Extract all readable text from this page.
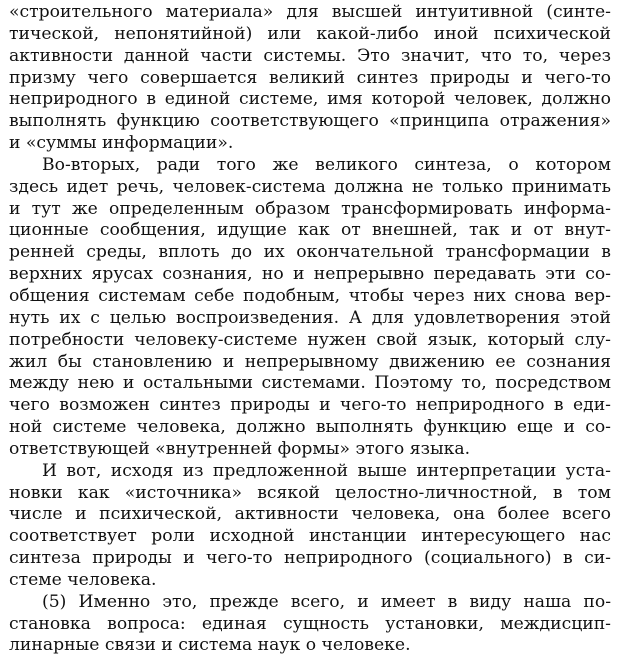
«строительного материала» для высшей интуитивной (синте-
тической, непонятийной) или какой-либо иной психической
активности данной части системы. Это значит, что то, через
призму чего совершается великий синтез природы и чего-то
неприродного в единой системе, имя которой человек, должно
выполнять функцию соответствующего «принципа отражения»
и «суммы информации».
Во-вторых, ради того же великого синтеза, о котором
здесь идет речь, человек-система должна не только принимать
и тут же определенным образом трансформировать информа-
ционные сообщения, идущие как от внешней, так и от внут-
ренней среды, вплоть до их окончательной трансформации в
верхних ярусах сознания, но и непрерывно передавать эти со-
общения системам себе подобным, чтобы через них снова вер-
нуть их с целью воспроизведения. А для удовлетворения этой
потребности человеку-системе нужен свой язык, который слу-
жил бы становлению и непрерывному движению ее сознания
между нею и остальными системами. Поэтому то, посредством
чего возможен синтез природы и чего-то неприродного в еди-
ной системе человека, должно выполнять функцию еще и со-
ответствующей «внутренней формы» этого языка.
И вот, исходя из предложенной выше интерпретации уста-
новки как «источника» всякой целостно-личностной, в том
числе и психической, активности человека, она более всего
соответствует роли исходной инстанции интересующего нас
синтеза природы и чего-то неприродного (социального) в си-
стеме человека.
(5) Именно это, прежде всего, и имеет в виду наша по-
становка вопроса: единая сущность установки, междисцип-
линарные связи и система наук о человеке.
